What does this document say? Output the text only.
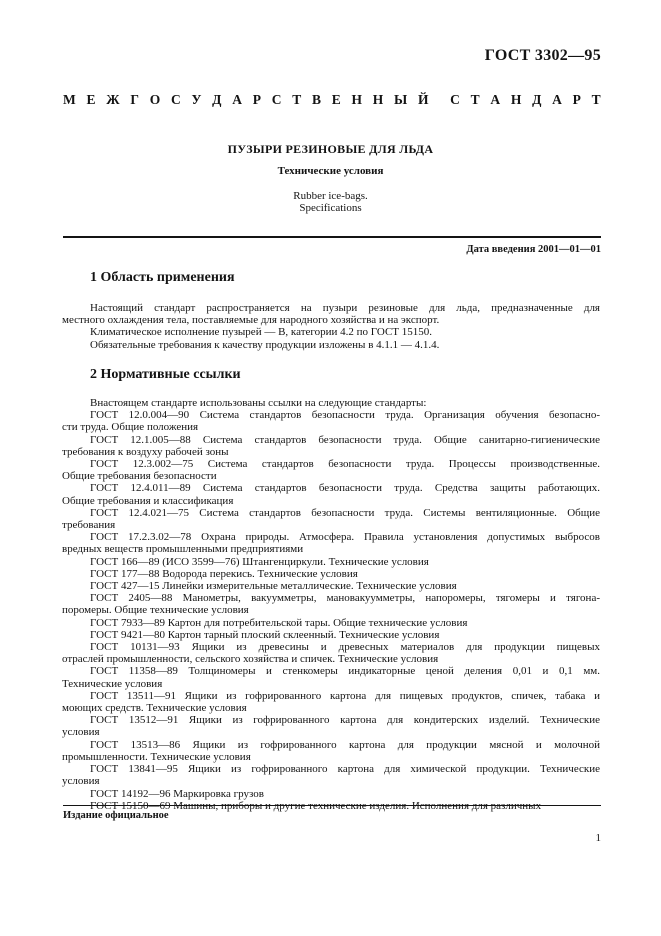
ГОСТ 3302—95
М Е Ж Г О С У Д А Р С Т В Е Н Н Ы Й С Т А Н Д А Р Т
ПУЗЫРИ РЕЗИНОВЫЕ ДЛЯ ЛЬДА
Технические условия
Rubber ice-bags.
Specifications
Дата введения 2001—01—01
1 Область применения
Настоящий стандарт распространяется на пузыри резиновые для льда, предназначенные для
местного охлаждения тела, поставляемые для народного хозяйства и на экспорт.
Климатическое исполнение пузырей — В, категории 4.2 по ГОСТ 15150.
Обязательные требования к качеству продукции изложены в 4.1.1 — 4.1.4.
2 Нормативные ссылки

Внастоящем стандарте использованы ссылки на следующие стандарты:

ГОСТ 12.0.004—90 Система стандартов безопасности труда. Организация обучения безопасно-
сти труда. Общие положения
ГОСТ 12.1.005—88 Система стандартов безопасности труда. Общие санитарно-гигиенические
требования к воздуху рабочей зоны
ГОСТ 12.3.002—75 Система стандартов безопасности труда. Процессы производственные.
Общие требования безопасности
ГОСТ 12.4.011—89 Система стандартов безопасности труда. Средства защиты работающих.
Общие требования и классификация
ГОСТ 12.4.021—75 Система стандартов безопасности труда. Системы вентиляционные. Общие
требования
ГОСТ 17.2.3.02—78 Охрана природы. Атмосфера. Правила установления допустимых выбросов
вредных веществ промышленными предприятиями
ГОСТ 166—89 (ИСО 3599—76) Штангенциркули. Технические условия
ГОСТ 177—88 Водорода перекись. Технические условия
ГОСТ 427—15 Линейки измерительные металлические. Технические условия
ГОСТ 2405—88 Манометры, вакуумметры, мановакуумметры, напоромеры, тягомеры и тягона-
поромеры. Общие технические условия
ГОСТ 7933—89 Картон для потребительской тары. Общие технические условия
ГОСТ 9421—80 Картон тарный плоский склеенный. Технические условия
ГОСТ 10131—93 Ящики из древесины и древесных материалов для продукции пищевых
отраслей промышленности, сельского хозяйства и спичек. Технические условия
ГОСТ 11358—89 Толщиномеры и стенкомеры индикаторные ценой деления 0,01 и 0,1 мм.
Технические условия
ГОСТ 13511—91 Ящики из гофрированного картона для пищевых продуктов, спичек, табака и
моющих средств. Технические условия
ГОСТ 13512—91 Ящики из гофрированного картона для кондитерских изделий. Технические
условия
ГОСТ 13513—86 Ящики из гофрированного картона для продукции мясной и молочной
промышленности. Технические условия
ГОСТ 13841—95 Ящики из гофрированного картона для химической продукции. Технические
условия
ГОСТ 14192—96 Маркировка грузов
ГОСТ 15150—69 Машины, приборы и другие технические изделия. Исполнения для различных
Издание официальное
1
